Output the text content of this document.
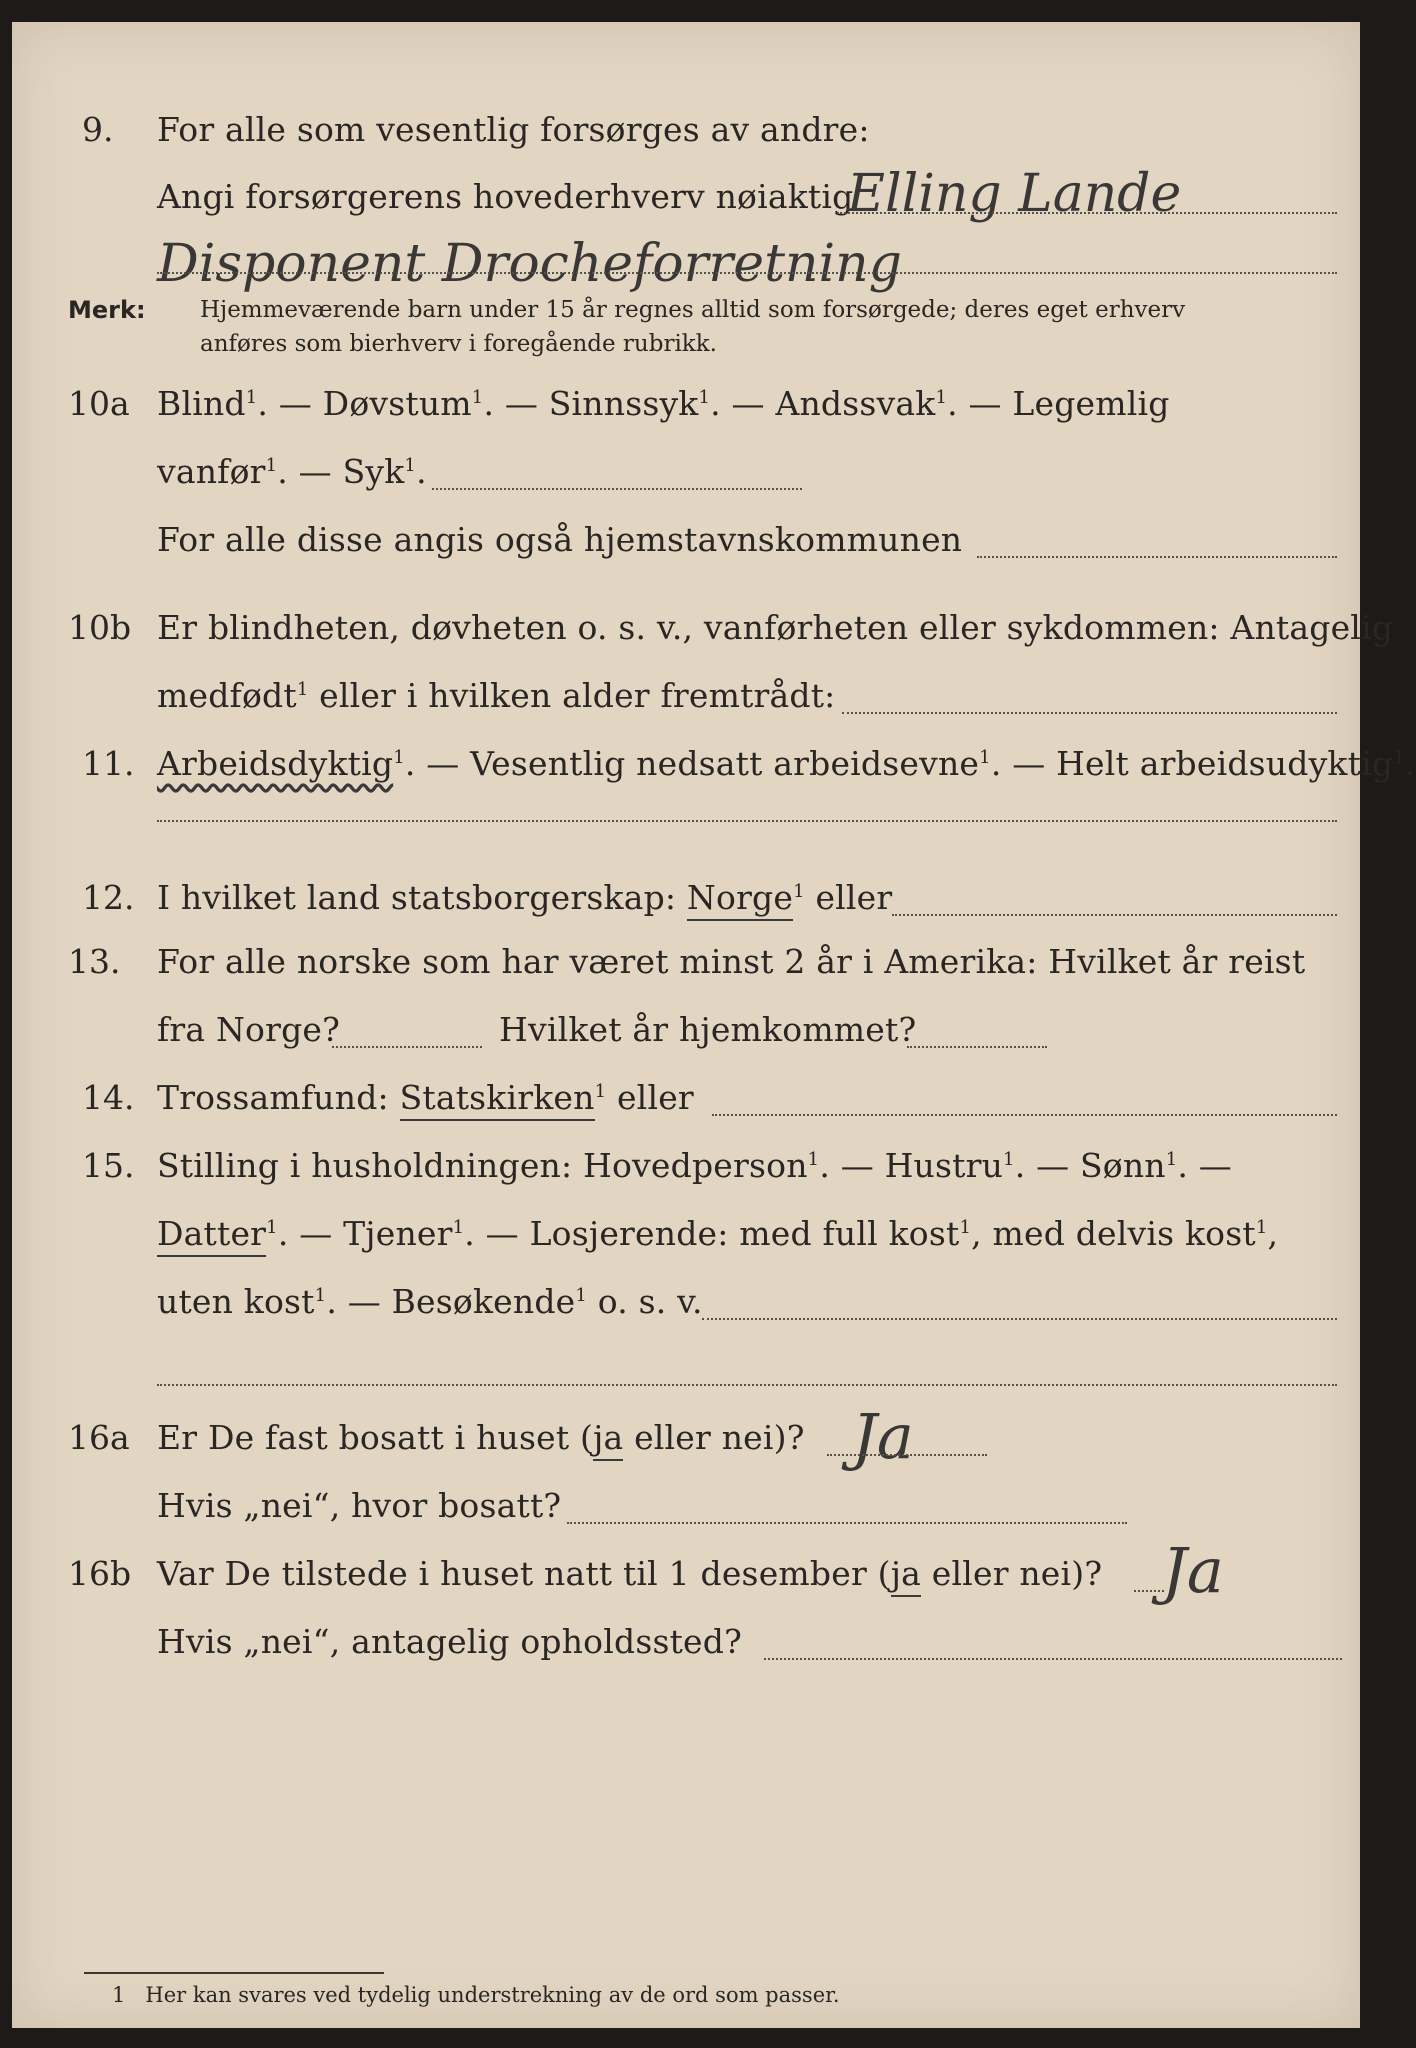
9. For alle som vesentlig forsørges av andre:
Angi forsørgerens hovederhverv nøiaktig
Elling Lande
Disponent Drocheforretning
Merk: Hjemmeværende barn under 15 år regnes alltid som forsørgede; deres eget erhverv
anføres som bierhverv i foregående rubrikk.
10a Blind$^1$. — Døvstum$^1$. — Sinnssyk$^1$. — Andssvak$^1$. — Legemlig
vanfør$^1$. — Syk$^1$.
For alle disse angis også hjemstavnskommunen
10b Er blindheten, døvheten o. s. v., vanførheten eller sykdommen: Antagelig
medfødt$^1$ eller i hvilken alder fremtrådt:
11. Arbeidsdyktig$^1$. — Vesentlig nedsatt arbeidsevne$^1$. — Helt arbeidsudyktig$^1$.
12. I hvilket land statsborgerskap: Norge$^1$ eller
13. For alle norske som har været minst 2 år i Amerika: Hvilket år reist
fra Norge?	Hvilket år hjemkommet?
14. Trossamfund: Statskirken$^1$ eller
15. Stilling i husholdningen: Hovedperson$^1$. — Hustru$^1$. — Sønn$^1$. —
Datter$^1$. — Tjener$^1$. — Losjerende: med full kost$^1$, med delvis kost$^1$,
uten kost$^1$. — Besøkende$^1$ o. s. v.
16a Er De fast bosatt i huset (ja eller nei)? Ja
Hvis „nei“, hvor bosatt?
16b Var De tilstede i huset natt til 1 desember (ja eller nei)? Ja
Hvis „nei“, antagelig opholdssted?
1 Her kan svares ved tydelig understrekning av de ord som passer.
